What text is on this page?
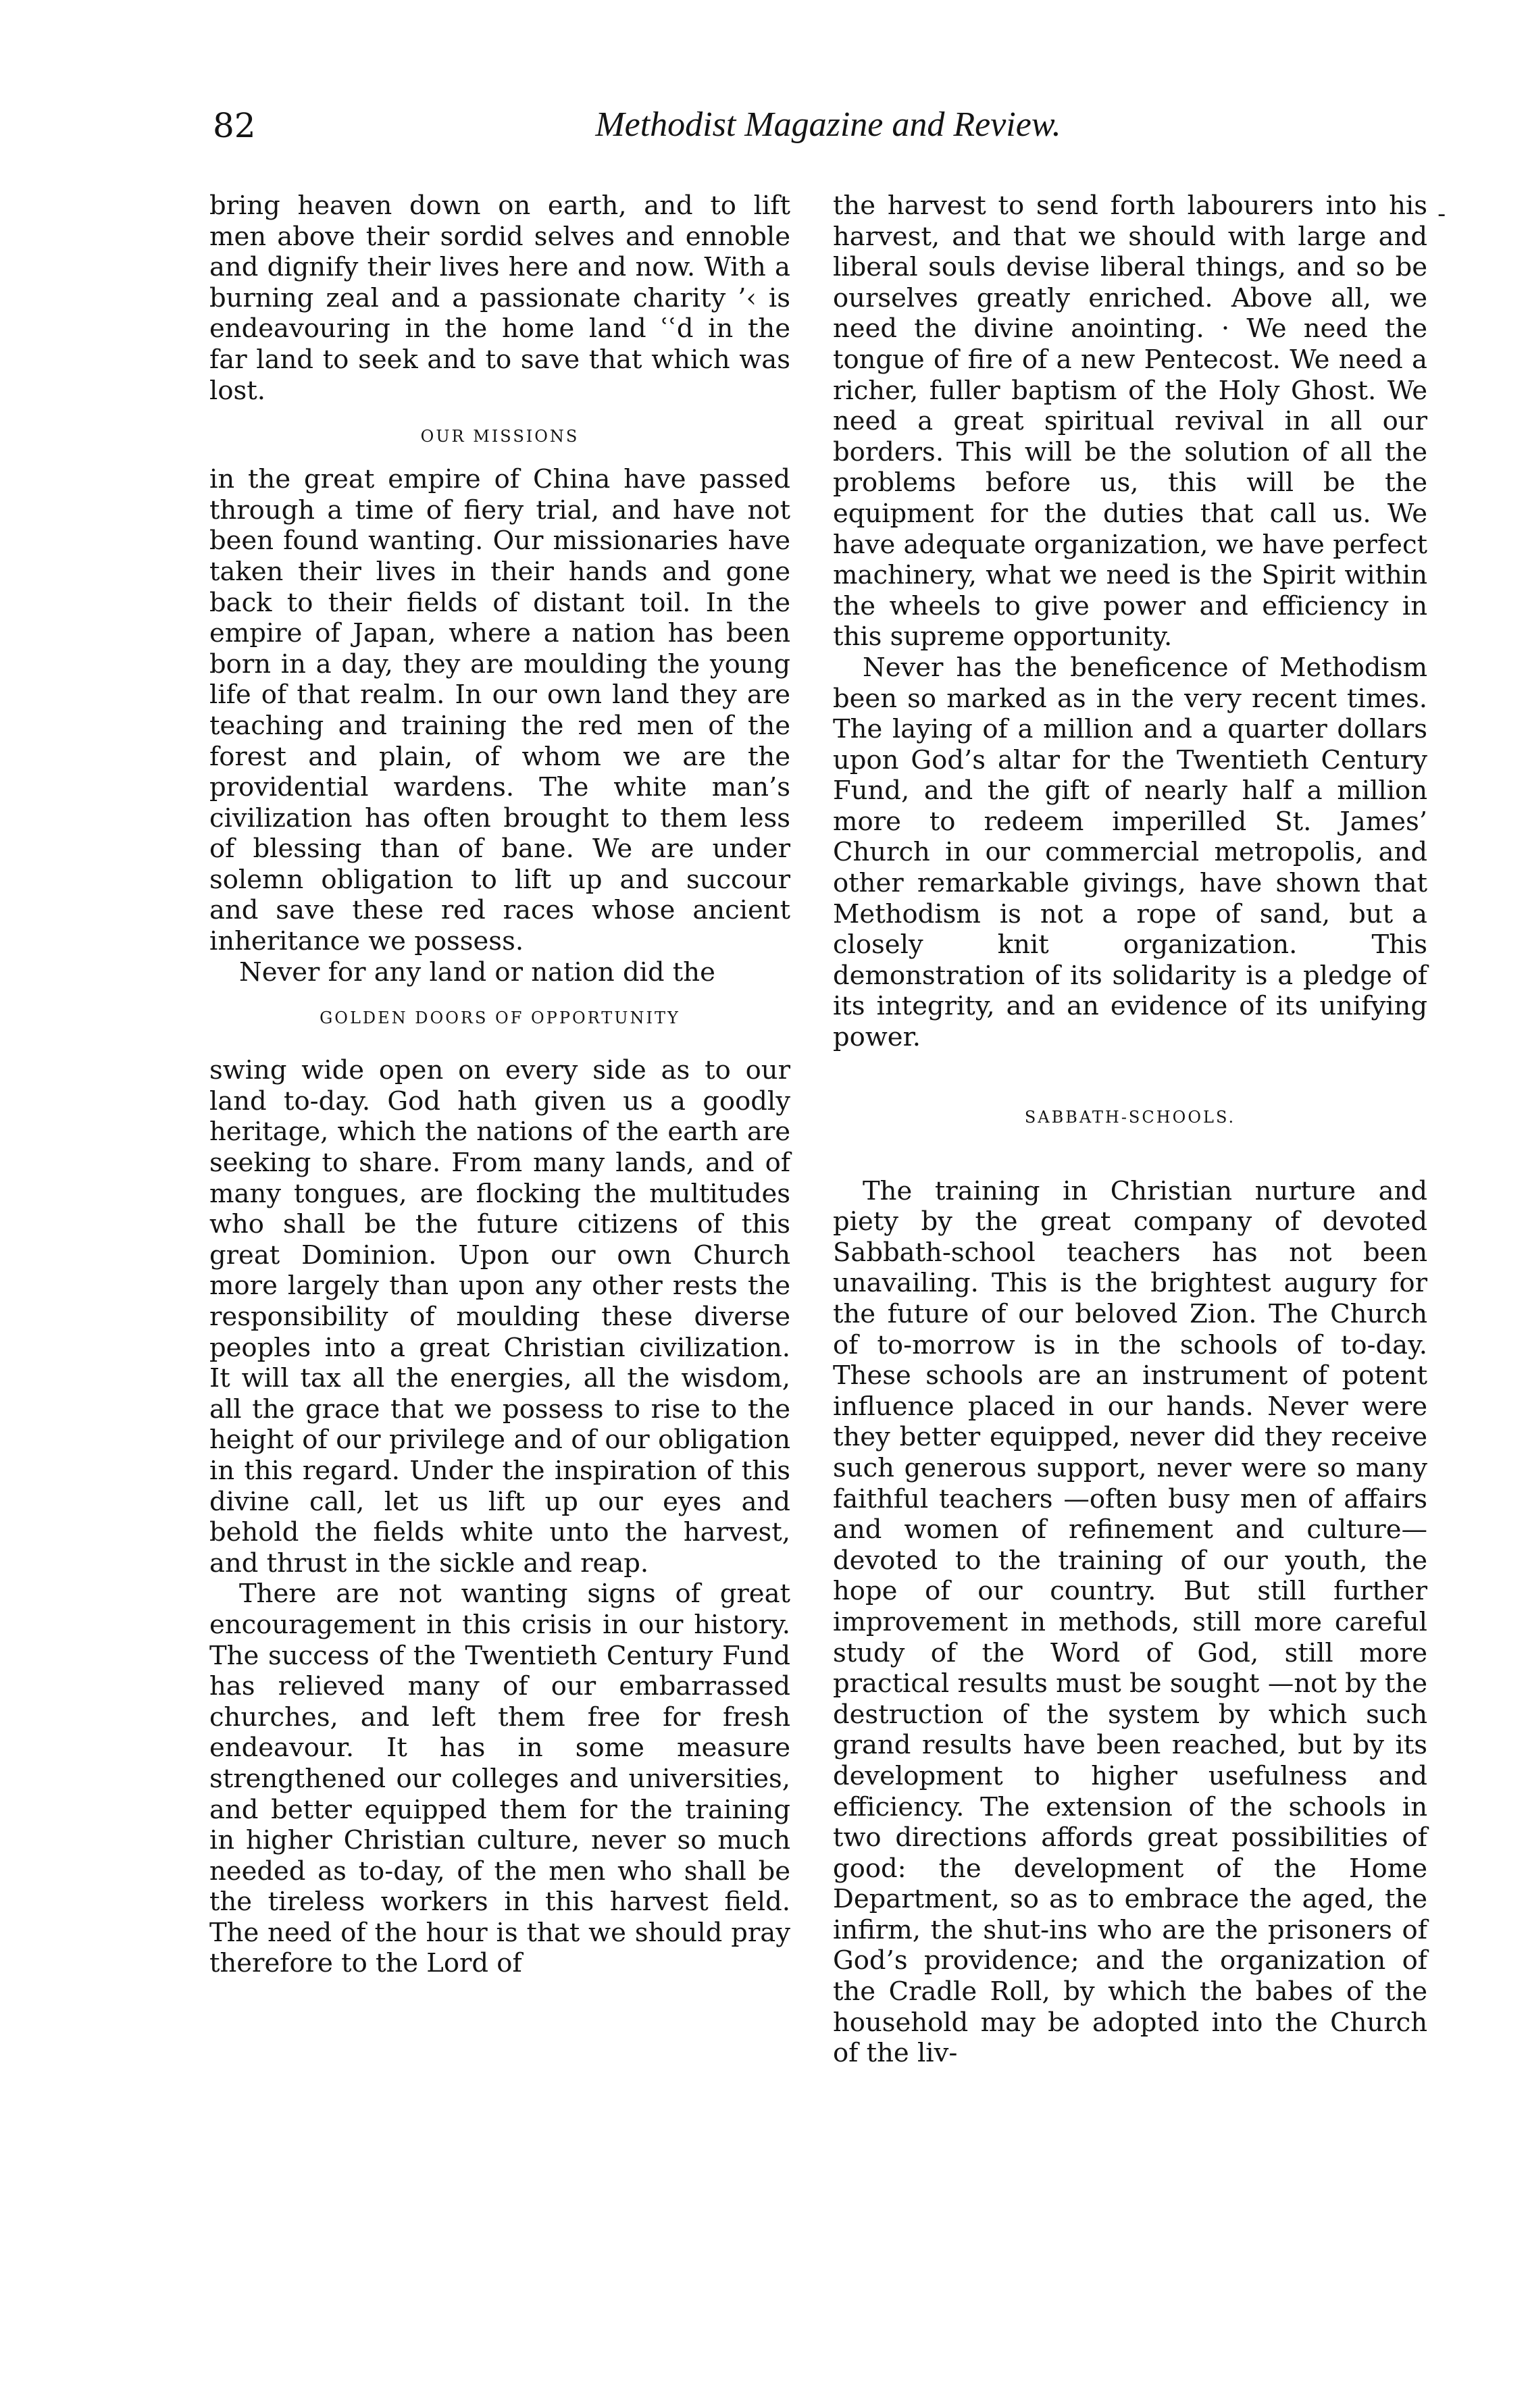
82	Methodist Magazine and Review.
-

bring heaven down on earth, and to lift men above their sordid selves and ennoble and dignify their lives here and now. With a burning zeal and a passionate charity ’‹ is endeavouring in the home land ʿʿd in the far land to seek and to save that which was lost.

OUR MISSIONS

in the great empire of China have passed through a time of fiery trial, and have not been found wanting. Our missionaries have taken their lives in their hands and gone back to their fields of distant toil. In the empire of Japan, where a nation has been born in a day, they are moulding the young life of that realm. In our own land they are teaching and training the red men of the forest and plain, of whom we are the providential wardens. The white man’s civilization has often brought to them less of blessing than of bane. We are under solemn obligation to lift up and succour and save these red races whose ancient inheritance we possess.

Never for any land or nation did the

GOLDEN DOORS OF OPPORTUNITY

swing wide open on every side as to our land to-day. God hath given us a goodly heritage, which the nations of the earth are seeking to share. From many lands, and of many tongues, are flocking the multitudes who shall be the future citizens of this great Dominion. Upon our own Church more largely than upon any other rests the responsibility of moulding these diverse peoples into a great Christian civilization. It will tax all the energies, all the wisdom, all the grace that we possess to rise to the height of our privilege and of our obligation in this regard. Under the inspiration of this divine call, let us lift up our eyes and behold the fields white unto the harvest, and thrust in the sickle and reap.

There are not wanting signs of great encouragement in this crisis in our history. The success of the Twentieth Century Fund has relieved many of our embarrassed churches, and left them free for fresh endeavour. It has in some measure strengthened our colleges and universities, and better equipped them for the training in higher Christian culture, never so much needed as to-day, of the men who shall be the tireless workers in this harvest field. The need of the hour is that we should pray therefore to the Lord of

the harvest to send forth labourers into his harvest, and that we should with large and liberal souls devise liberal things, and so be ourselves greatly enriched. Above all, we need the divine anointing. · We need the tongue of fire of a new Pentecost. We need a richer, fuller baptism of the Holy Ghost. We need a great spiritual revival in all our borders. This will be the solution of all the problems before us, this will be the equipment for the duties that call us. We have adequate organization, we have perfect machinery, what we need is the Spirit within the wheels to give power and efficiency in this supreme opportunity.

Never has the beneficence of Methodism been so marked as in the very recent times. The laying of a million and a quarter dollars upon God’s altar for the Twentieth Century Fund, and the gift of nearly half a million more to redeem imperilled St. James’ Church in our commercial metropolis, and other remarkable givings, have shown that Methodism is not a rope of sand, but a closely knit organization. This demonstration of its solidarity is a pledge of its integrity, and an evidence of its unifying power.

SABBATH-SCHOOLS.

The training in Christian nurture and piety by the great company of devoted Sabbath-school teachers has not been unavailing. This is the brightest augury for the future of our beloved Zion. The Church of to-morrow is in the schools of to-day. These schools are an instrument of potent influence placed in our hands. Never were they better equipped, never did they receive such generous support, never were so many faithful teachers —often busy men of affairs and women of refinement and culture—devoted to the training of our youth, the hope of our country. But still further improvement in methods, still more careful study of the Word of God, still more practical results must be sought —not by the destruction of the system by which such grand results have been reached, but by its development to higher usefulness and efficiency. The extension of the schools in two directions affords great possibilities of good: the development of the Home Department, so as to embrace the aged, the infirm, the shut-ins who are the prisoners of God’s providence; and the organization of the Cradle Roll, by which the babes of the household may be adopted into the Church of the liv-
